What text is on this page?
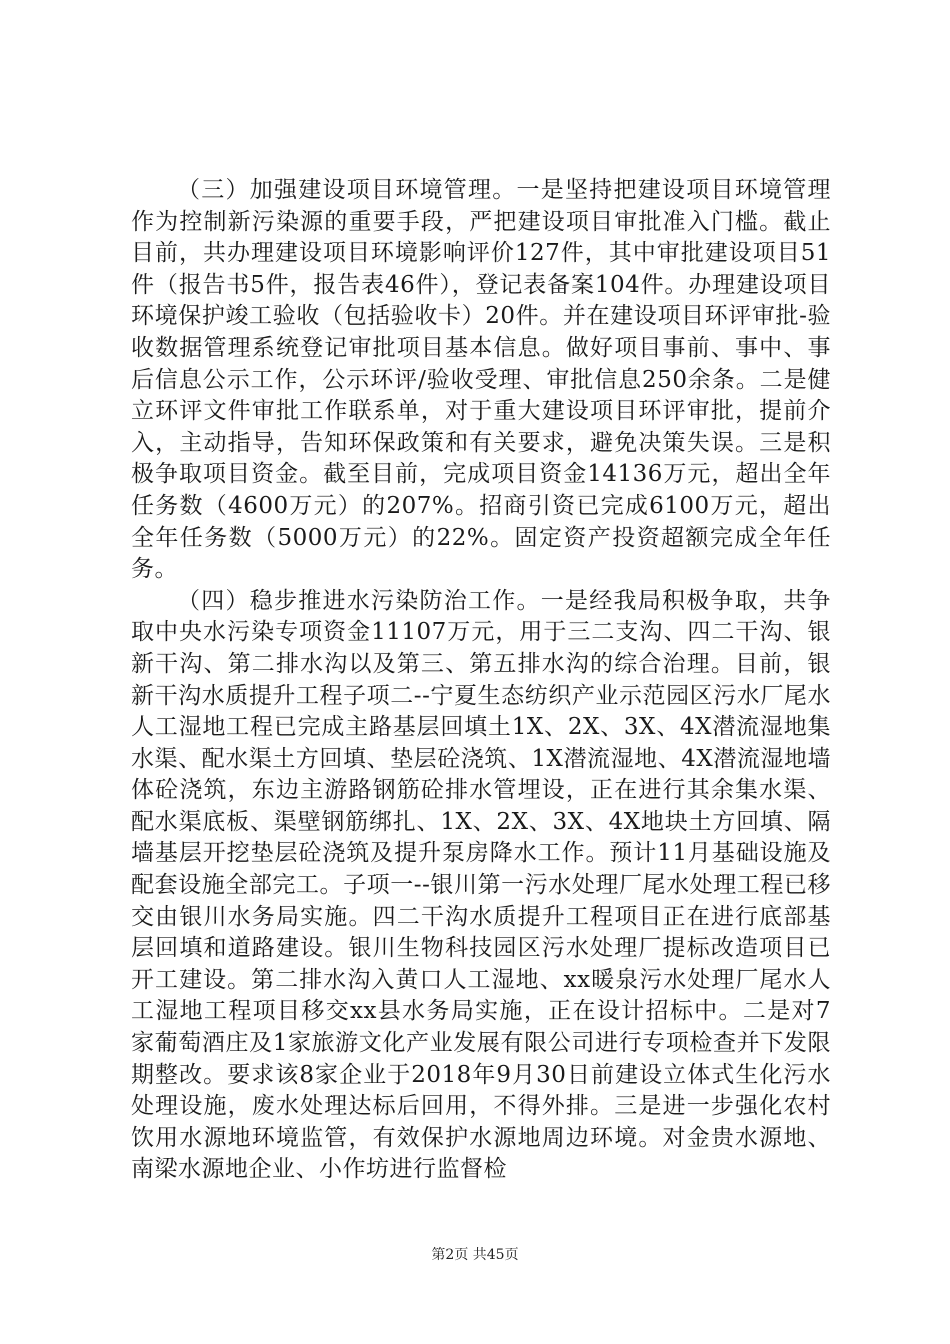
（三）加强建设项目环境管理。一是坚持把建设项目环境管理作为控制新污染源的重要手段，严把建设项目审批准入门槛。截止目前，共办理建设项目环境影响评价127件，其中审批建设项目51件（报告书5件，报告表46件），登记表备案104件。办理建设项目环境保护竣工验收（包括验收卡）20件。并在建设项目环评审批-验收数据管理系统登记审批项目基本信息。做好项目事前、事中、事后信息公示工作，公示环评/验收受理、审批信息250余条。二是健立环评文件审批工作联系单，对于重大建设项目环评审批，提前介入，主动指导，告知环保政策和有关要求，避免决策失误。三是积极争取项目资金。截至目前，完成项目资金14136万元，超出全年任务数（4600万元）的207%。招商引资已完成6100万元，超出全年任务数（5000万元）的22%。固定资产投资超额完成全年任务。

（四）稳步推进水污染防治工作。一是经我局积极争取，共争取中央水污染专项资金11107万元，用于三二支沟、四二干沟、银新干沟、第二排水沟以及第三、第五排水沟的综合治理。目前，银新干沟水质提升工程子项二--宁夏生态纺织产业示范园区污水厂尾水人工湿地工程已完成主路基层回填土1X、2X、3X、4X潜流湿地集水渠、配水渠土方回填、垫层砼浇筑、1X潜流湿地、4X潜流湿地墙体砼浇筑，东边主游路钢筋砼排水管埋设，正在进行其余集水渠、配水渠底板、渠壁钢筋绑扎、1X、2X、3X、4X地块土方回填、隔墙基层开挖垫层砼浇筑及提升泵房降水工作。预计11月基础设施及配套设施全部完工。子项一--银川第一污水处理厂尾水处理工程已移交由银川水务局实施。四二干沟水质提升工程项目正在进行底部基层回填和道路建设。银川生物科技园区污水处理厂提标改造项目已开工建设。第二排水沟入黄口人工湿地、xx暖泉污水处理厂尾水人工湿地工程项目移交xx县水务局实施，正在设计招标中。二是对7家葡萄酒庄及1家旅游文化产业发展有限公司进行专项检查并下发限期整改。要求该8家企业于2018年9月30日前建设立体式生化污水处理设施，废水处理达标后回用，不得外排。三是进一步强化农村饮用水源地环境监管，有效保护水源地周边环境。对金贵水源地、南梁水源地企业、小作坊进行监督检

第2页 共45页
